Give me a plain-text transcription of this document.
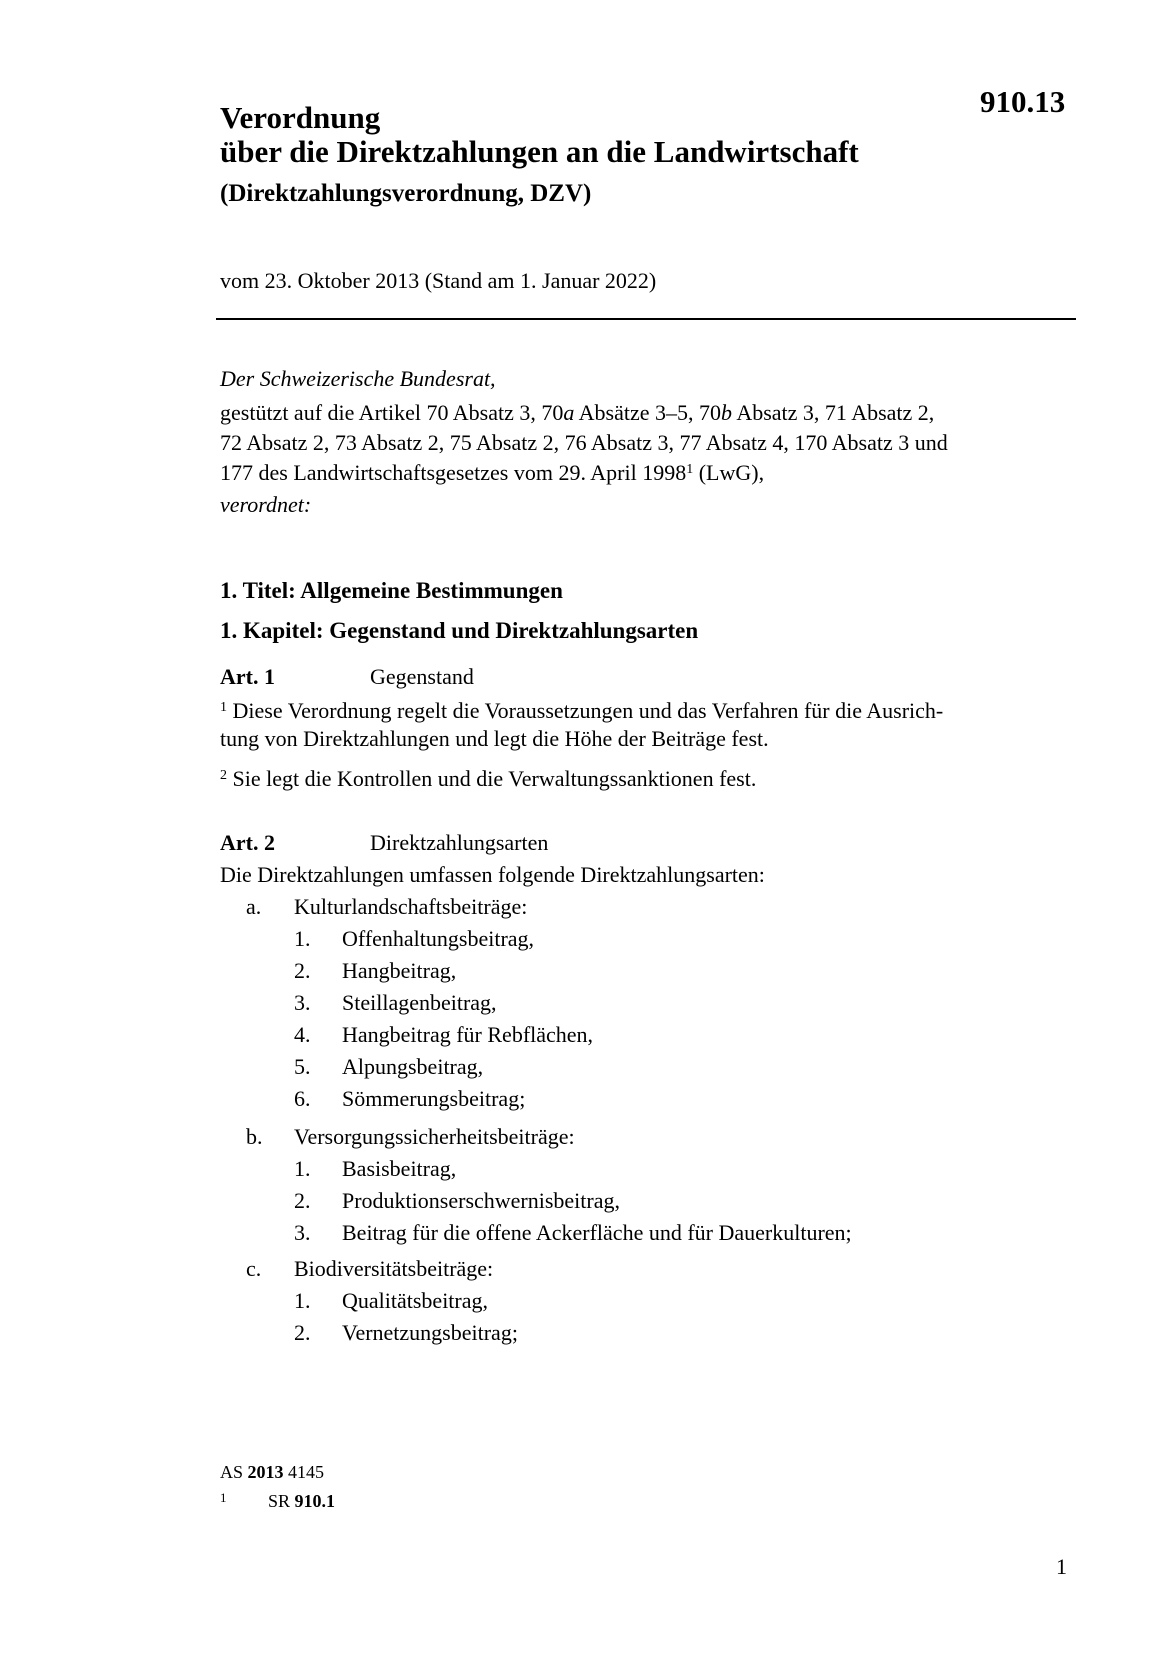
910.13
Verordnung
über die Direktzahlungen an die Landwirtschaft
(Direktzahlungsverordnung, DZV)
vom 23. Oktober 2013 (Stand am 1. Januar 2022)
Der Schweizerische Bundesrat,
gestützt auf die Artikel 70 Absatz 3, 70a Absätze 3–5, 70b Absatz 3, 71 Absatz 2,
72 Absatz 2, 73 Absatz 2, 75 Absatz 2, 76 Absatz 3, 77 Absatz 4, 170 Absatz 3 und
177 des Landwirtschaftsgesetzes vom 29. April 1998$^1$ (LwG),
verordnet:
1. Titel: Allgemeine Bestimmungen
1. Kapitel: Gegenstand und Direktzahlungsarten
Art. 1	Gegenstand
$^1$ Diese Verordnung regelt die Voraussetzungen und das Verfahren für die Ausrich-
tung von Direktzahlungen und legt die Höhe der Beiträge fest.
$^2$ Sie legt die Kontrollen und die Verwaltungssanktionen fest.
Art. 2	Direktzahlungsarten
Die Direktzahlungen umfassen folgende Direktzahlungsarten:
a. Kulturlandschaftsbeiträge:
1. Offenhaltungsbeitrag,
2. Hangbeitrag,
3. Steillagenbeitrag,
4. Hangbeitrag für Rebflächen,
5. Alpungsbeitrag,
6. Sömmerungsbeitrag;
b. Versorgungssicherheitsbeiträge:
1. Basisbeitrag,
2. Produktionserschwernisbeitrag,
3. Beitrag für die offene Ackerfläche und für Dauerkulturen;
c. Biodiversitätsbeiträge:
1. Qualitätsbeitrag,
2. Vernetzungsbeitrag;
AS 2013 4145
1 SR 910.1
1
